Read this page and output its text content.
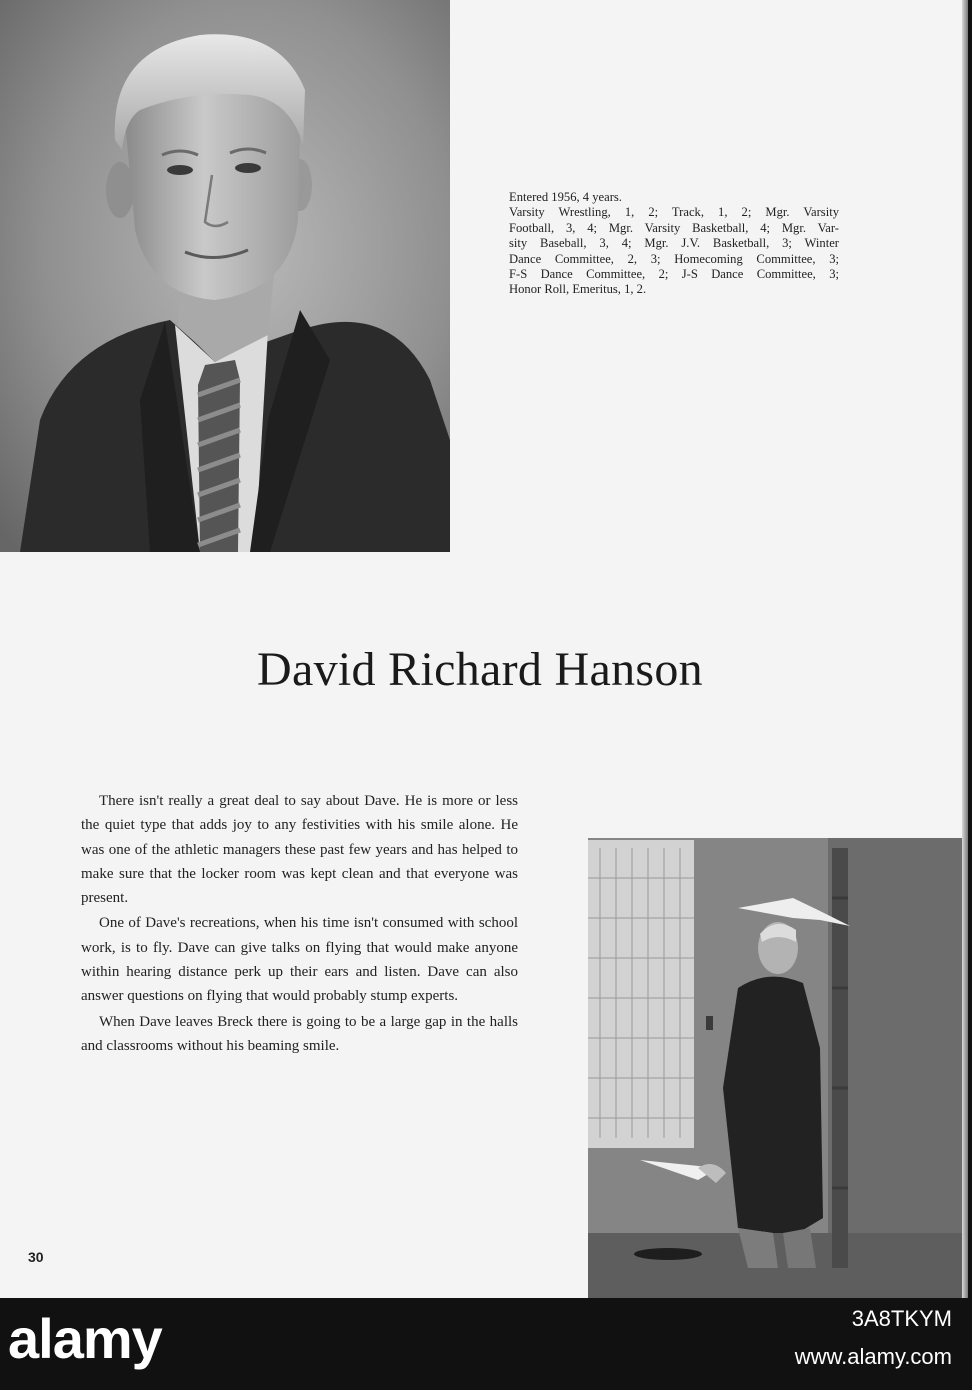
Entered 1956, 4 years.
Varsity Wrestling, 1, 2; Track, 1, 2; Mgr. Varsity
Football, 3, 4; Mgr. Varsity Basketball, 4; Mgr. Var-
sity Baseball, 3, 4; Mgr. J.V. Basketball, 3; Winter
Dance Committee, 2, 3; Homecoming Committee, 3;
F-S Dance Committee, 2; J-S Dance Committee, 3;
Honor Roll, Emeritus, 1, 2.
David Richard Hanson

There isn't really a great deal to say about Dave. He is more or less the quiet type that adds joy to any festivities with his smile alone. He was one of the athletic managers these past few years and has helped to make sure that the locker room was kept clean and that everyone was present.

One of Dave's recreations, when his time isn't consumed with school work, is to fly. Dave can give talks on flying that would make anyone within hearing distance perk up their ears and listen. Dave can also answer questions on flying that would probably stump experts.

When Dave leaves Breck there is going to be a large gap in the halls and classrooms without his beaming smile.

30
alamy	3A8TKYM
www.alamy.com
